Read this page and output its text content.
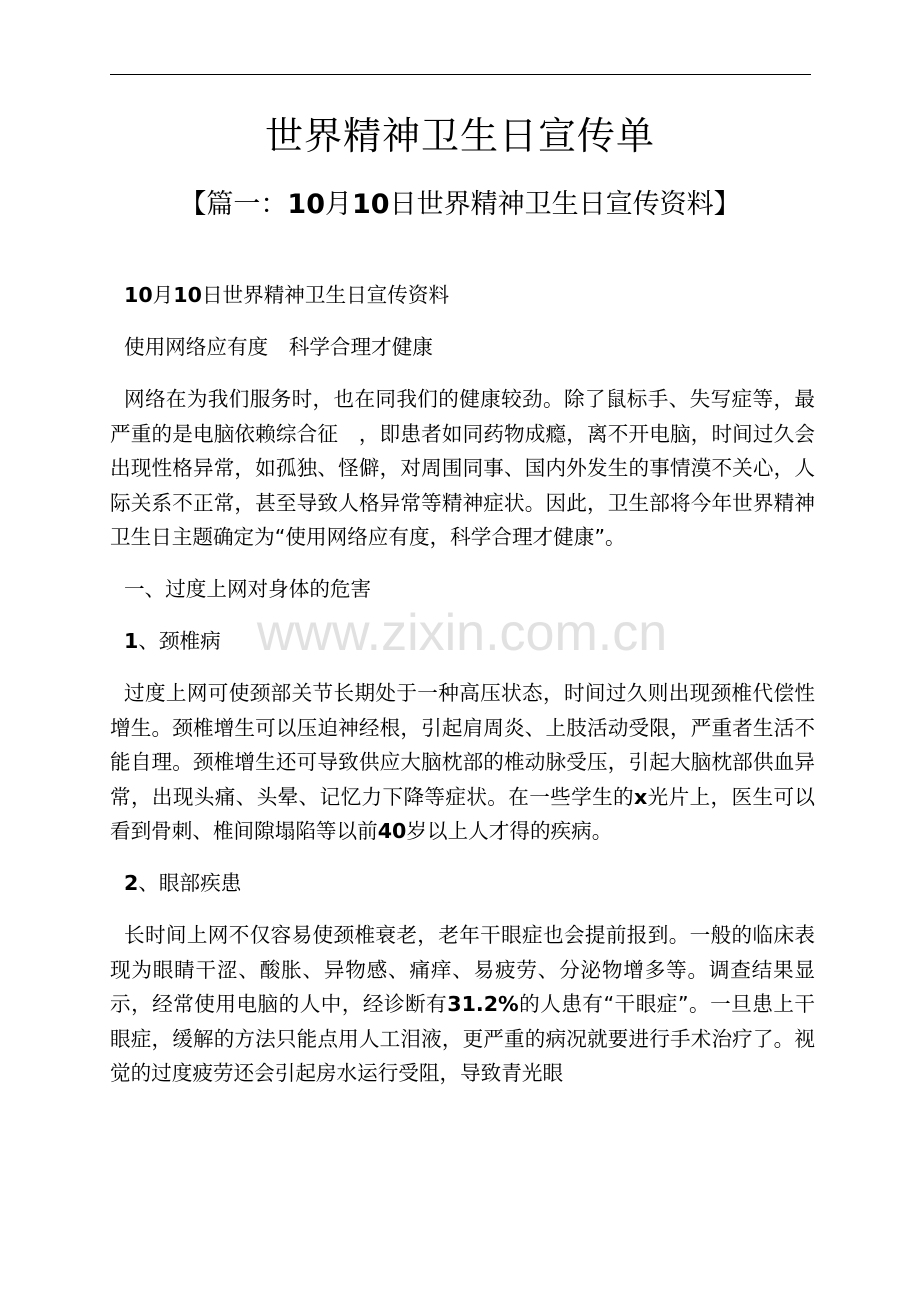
世界精神卫生日宣传单
【篇一：10月10日世界精神卫生日宣传资料】

10月10日世界精神卫生日宣传资料

使用网络应有度　科学合理才健康

网络在为我们服务时，也在同我们的健康较劲。除了鼠标手、失写症等，最严重的是电脑依赖综合征　，即患者如同药物成瘾，离不开电脑，时间过久会出现性格异常，如孤独、怪僻，对周围同事、国内外发生的事情漠不关心，人际关系不正常，甚至导致人格异常等精神症状。因此，卫生部将今年世界精神卫生日主题确定为“使用网络应有度，科学合理才健康”。

一、过度上网对身体的危害

1、颈椎病

过度上网可使颈部关节长期处于一种高压状态，时间过久则出现颈椎代偿性增生。颈椎增生可以压迫神经根，引起肩周炎、上肢活动受限，严重者生活不能自理。颈椎增生还可导致供应大脑枕部的椎动脉受压，引起大脑枕部供血异常，出现头痛、头晕、记忆力下降等症状。在一些学生的x光片上，医生可以看到骨刺、椎间隙塌陷等以前40岁以上人才得的疾病。

2、眼部疾患

长时间上网不仅容易使颈椎衰老，老年干眼症也会提前报到。一般的临床表现为眼睛干涩、酸胀、异物感、痛痒、易疲劳、分泌物增多等。调查结果显示，经常使用电脑的人中，经诊断有31.2%的人患有“干眼症”。一旦患上干眼症，缓解的方法只能点用人工泪液，更严重的病况就要进行手术治疗了。视觉的过度疲劳还会引起房水运行受阻，导致青光眼

www.zixin.com.cn
